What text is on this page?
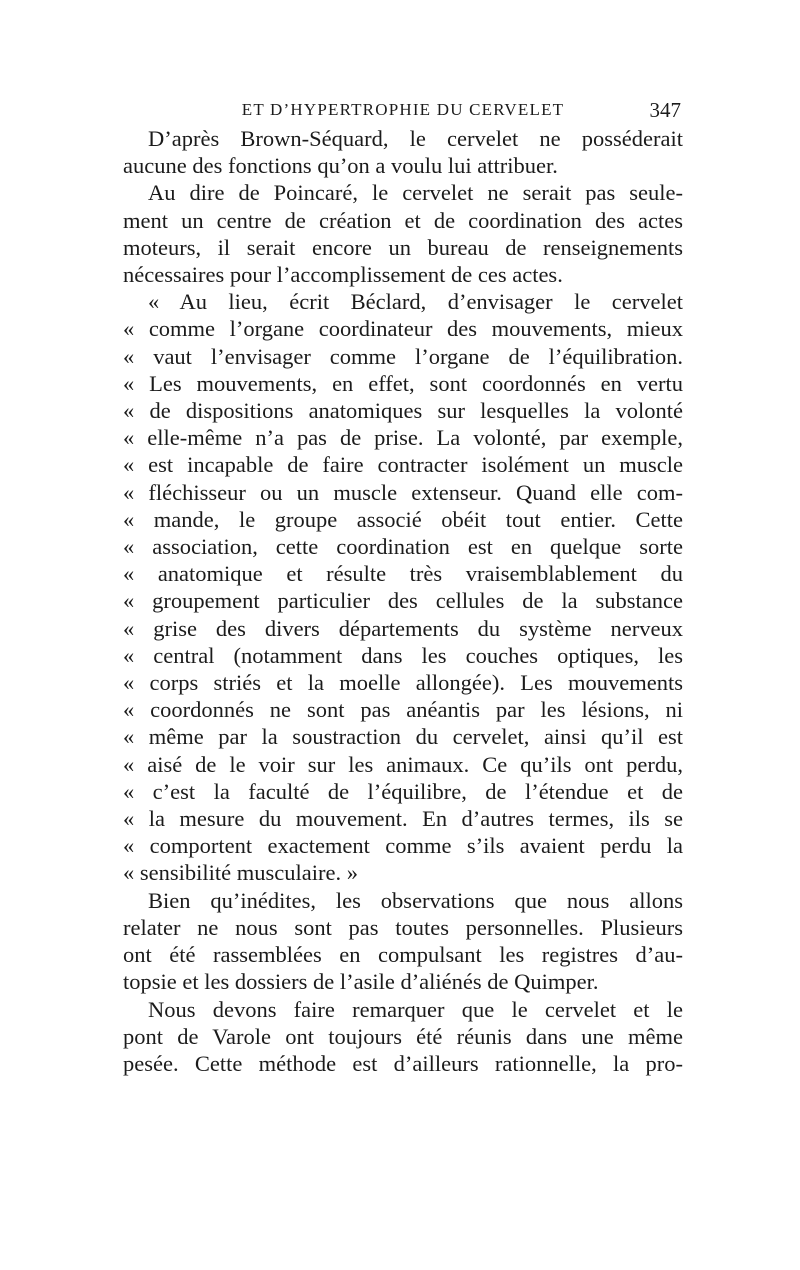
ET D’HYPERTROPHIE DU CERVELET	347
D’après Brown-Séquard, le cervelet ne posséderait
aucune des fonctions qu’on a voulu lui attribuer.
Au dire de Poincaré, le cervelet ne serait pas seule-
ment un centre de création et de coordination des actes
moteurs, il serait encore un bureau de renseignements
nécessaires pour l’accomplissement de ces actes.
« Au lieu, écrit Béclard, d’envisager le cervelet
« comme l’organe coordinateur des mouvements, mieux
« vaut l’envisager comme l’organe de l’équilibration.
« Les mouvements, en effet, sont coordonnés en vertu
« de dispositions anatomiques sur lesquelles la volonté
« elle-même n’a pas de prise. La volonté, par exemple,
« est incapable de faire contracter isolément un muscle
« fléchisseur ou un muscle extenseur. Quand elle com-
« mande, le groupe associé obéit tout entier. Cette
« association, cette coordination est en quelque sorte
« anatomique et résulte très vraisemblablement du
« groupement particulier des cellules de la substance
« grise des divers départements du système nerveux
« central (notamment dans les couches optiques, les
« corps striés et la moelle allongée). Les mouvements
« coordonnés ne sont pas anéantis par les lésions, ni
« même par la soustraction du cervelet, ainsi qu’il est
« aisé de le voir sur les animaux. Ce qu’ils ont perdu,
« c’est la faculté de l’équilibre, de l’étendue et de
« la mesure du mouvement. En d’autres termes, ils se
« comportent exactement comme s’ils avaient perdu la
« sensibilité musculaire. »
Bien qu’inédites, les observations que nous allons
relater ne nous sont pas toutes personnelles. Plusieurs
ont été rassemblées en compulsant les registres d’au-
topsie et les dossiers de l’asile d’aliénés de Quimper.
Nous devons faire remarquer que le cervelet et le
pont de Varole ont toujours été réunis dans une même
pesée. Cette méthode est d’ailleurs rationnelle, la pro-
